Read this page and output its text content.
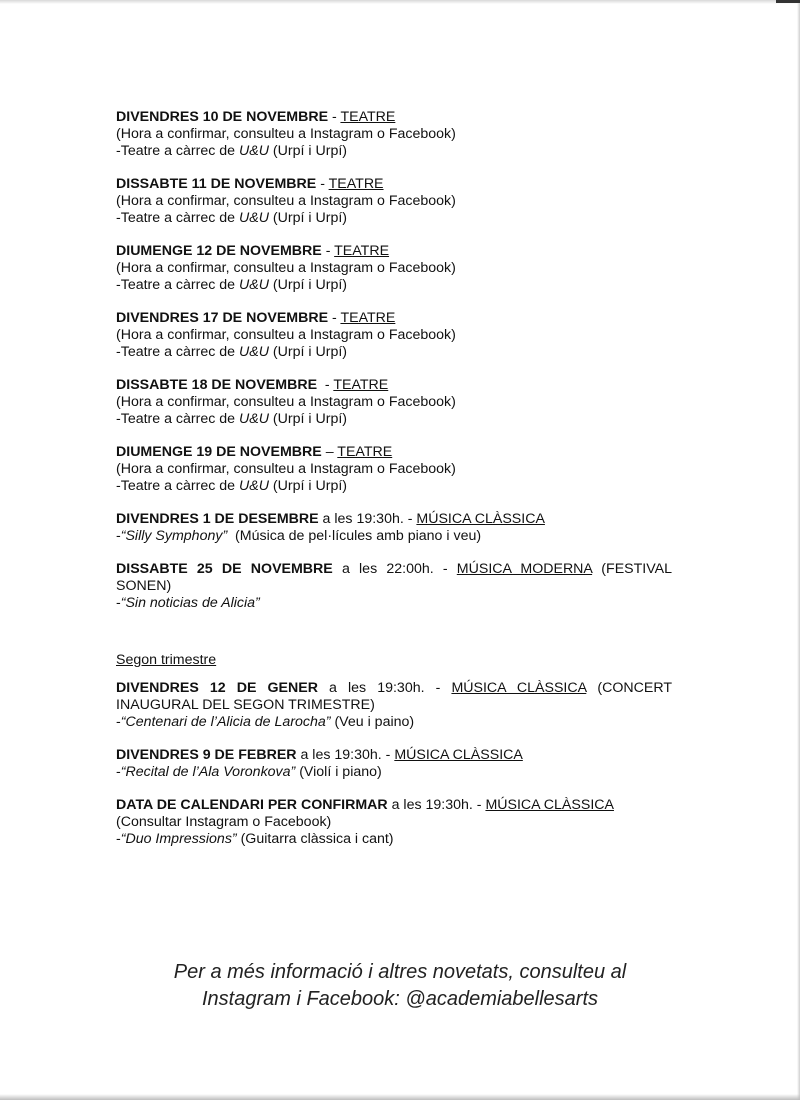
DIVENDRES 10 DE NOVEMBRE - TEATRE
(Hora a confirmar, consulteu a Instagram o Facebook)
-Teatre a càrrec de U&U (Urpí i Urpí)
DISSABTE 11 DE NOVEMBRE - TEATRE
(Hora a confirmar, consulteu a Instagram o Facebook)
-Teatre a càrrec de U&U (Urpí i Urpí)
DIUMENGE 12 DE NOVEMBRE - TEATRE
(Hora a confirmar, consulteu a Instagram o Facebook)
-Teatre a càrrec de U&U (Urpí i Urpí)
DIVENDRES 17 DE NOVEMBRE - TEATRE
(Hora a confirmar, consulteu a Instagram o Facebook)
-Teatre a càrrec de U&U (Urpí i Urpí)
DISSABTE 18 DE NOVEMBRE  - TEATRE
(Hora a confirmar, consulteu a Instagram o Facebook)
-Teatre a càrrec de U&U (Urpí i Urpí)
DIUMENGE 19 DE NOVEMBRE – TEATRE
(Hora a confirmar, consulteu a Instagram o Facebook)
-Teatre a càrrec de U&U (Urpí i Urpí)
DIVENDRES 1 DE DESEMBRE a les 19:30h. - MÚSICA CLÀSSICA
-“Silly Symphony”  (Música de pel·lícules amb piano i veu)
DISSABTE 25 DE NOVEMBRE a les 22:00h. - MÚSICA MODERNA (FESTIVAL SONEN)
-“Sin noticias de Alicia”
Segon trimestre
DIVENDRES 12 DE GENER a les 19:30h. - MÚSICA CLÀSSICA (CONCERT INAUGURAL DEL SEGON TRIMESTRE)
-“Centenari de l’Alicia de Larocha” (Veu i paino)
DIVENDRES 9 DE FEBRER a les 19:30h. - MÚSICA CLÀSSICA
-“Recital de l’Ala Voronkova” (Violí i piano)
DATA DE CALENDARI PER CONFIRMAR a les 19:30h. - MÚSICA CLÀSSICA
(Consultar Instagram o Facebook)
-“Duo Impressions” (Guitarra clàssica i cant)
Per a més informació i altres novetats, consulteu al
Instagram i Facebook: @academiabellesarts
